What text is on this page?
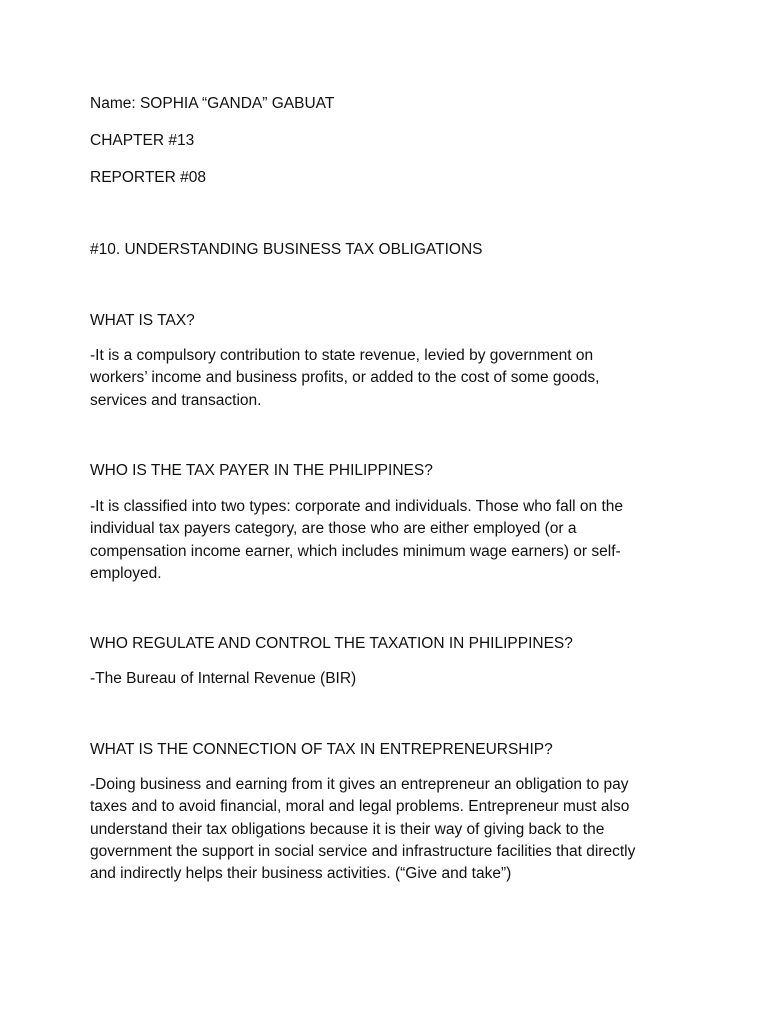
Name: SOPHIA “GANDA” GABUAT
CHAPTER #13
REPORTER #08
#10. UNDERSTANDING BUSINESS TAX OBLIGATIONS
WHAT IS TAX?

-It is a compulsory contribution to state revenue, levied by government on

workers’ income and business profits, or added to the cost of some goods,

services and transaction.

WHO IS THE TAX PAYER IN THE PHILIPPINES?

-It is classified into two types: corporate and individuals. Those who fall on the

individual tax payers category, are those who are either employed (or a

compensation income earner, which includes minimum wage earners) or self-

employed.

WHO REGULATE AND CONTROL THE TAXATION IN PHILIPPINES?

-The Bureau of Internal Revenue (BIR)

WHAT IS THE CONNECTION OF TAX IN ENTREPRENEURSHIP?

-Doing business and earning from it gives an entrepreneur an obligation to pay

taxes and to avoid financial, moral and legal problems. Entrepreneur must also

understand their tax obligations because it is their way of giving back to the

government the support in social service and infrastructure facilities that directly

and indirectly helps their business activities. (“Give and take”)
